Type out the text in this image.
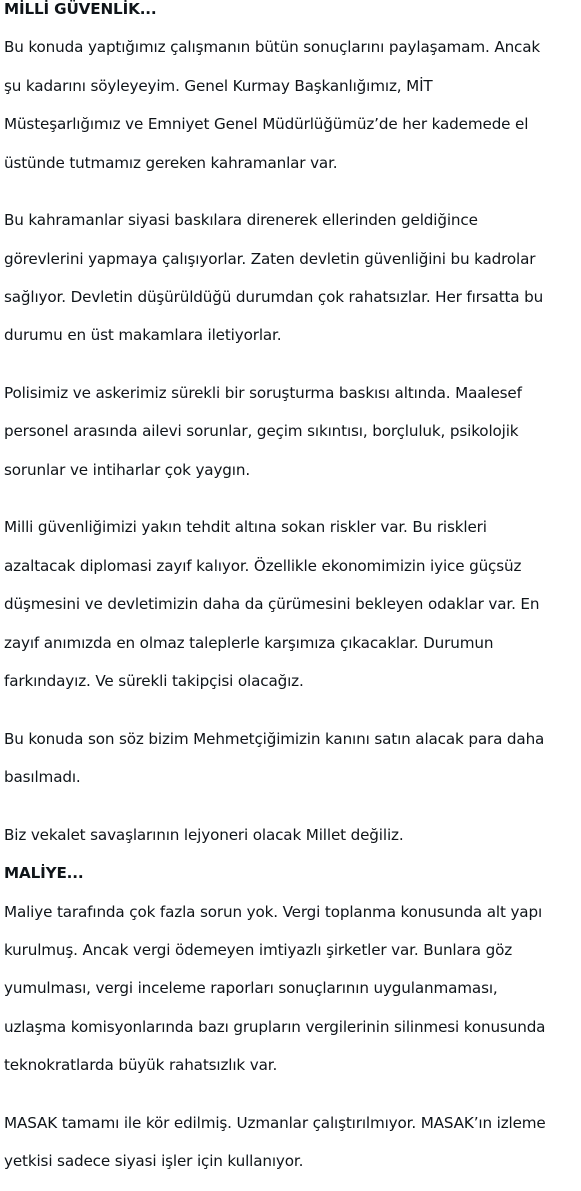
MİLLİ GÜVENLİK...

Bu konuda yaptığımız çalışmanın bütün sonuçlarını paylaşamam. Ancak

şu kadarını söyleyeyim. Genel Kurmay Başkanlığımız, MİT

Müsteşarlığımız ve Emniyet Genel Müdürlüğümüz’de her kademede el

üstünde tutmamız gereken kahramanlar var.

Bu kahramanlar siyasi baskılara direnerek ellerinden geldiğince

görevlerini yapmaya çalışıyorlar. Zaten devletin güvenliğini bu kadrolar

sağlıyor. Devletin düşürüldüğü durumdan çok rahatsızlar. Her fırsatta bu

durumu en üst makamlara iletiyorlar.

Polisimiz ve askerimiz sürekli bir soruşturma baskısı altında. Maalesef

personel arasında ailevi sorunlar, geçim sıkıntısı, borçluluk, psikolojik

sorunlar ve intiharlar çok yaygın.

Milli güvenliğimizi yakın tehdit altına sokan riskler var. Bu riskleri

azaltacak diplomasi zayıf kalıyor. Özellikle ekonomimizin iyice güçsüz

düşmesini ve devletimizin daha da çürümesini bekleyen odaklar var. En

zayıf anımızda en olmaz taleplerle karşımıza çıkacaklar. Durumun

farkındayız. Ve sürekli takipçisi olacağız.

Bu konuda son söz bizim Mehmetçiğimizin kanını satın alacak para daha

basılmadı.

Biz vekalet savaşlarının lejyoneri olacak Millet değiliz.

MALİYE...

Maliye tarafında çok fazla sorun yok. Vergi toplanma konusunda alt yapı

kurulmuş. Ancak vergi ödemeyen imtiyazlı şirketler var. Bunlara göz

yumulması, vergi inceleme raporları sonuçlarının uygulanmaması,

uzlaşma komisyonlarında bazı grupların vergilerinin silinmesi konusunda

teknokratlarda büyük rahatsızlık var.

MASAK tamamı ile kör edilmiş. Uzmanlar çalıştırılmıyor. MASAK’ın izleme

yetkisi sadece siyasi işler için kullanıyor.
